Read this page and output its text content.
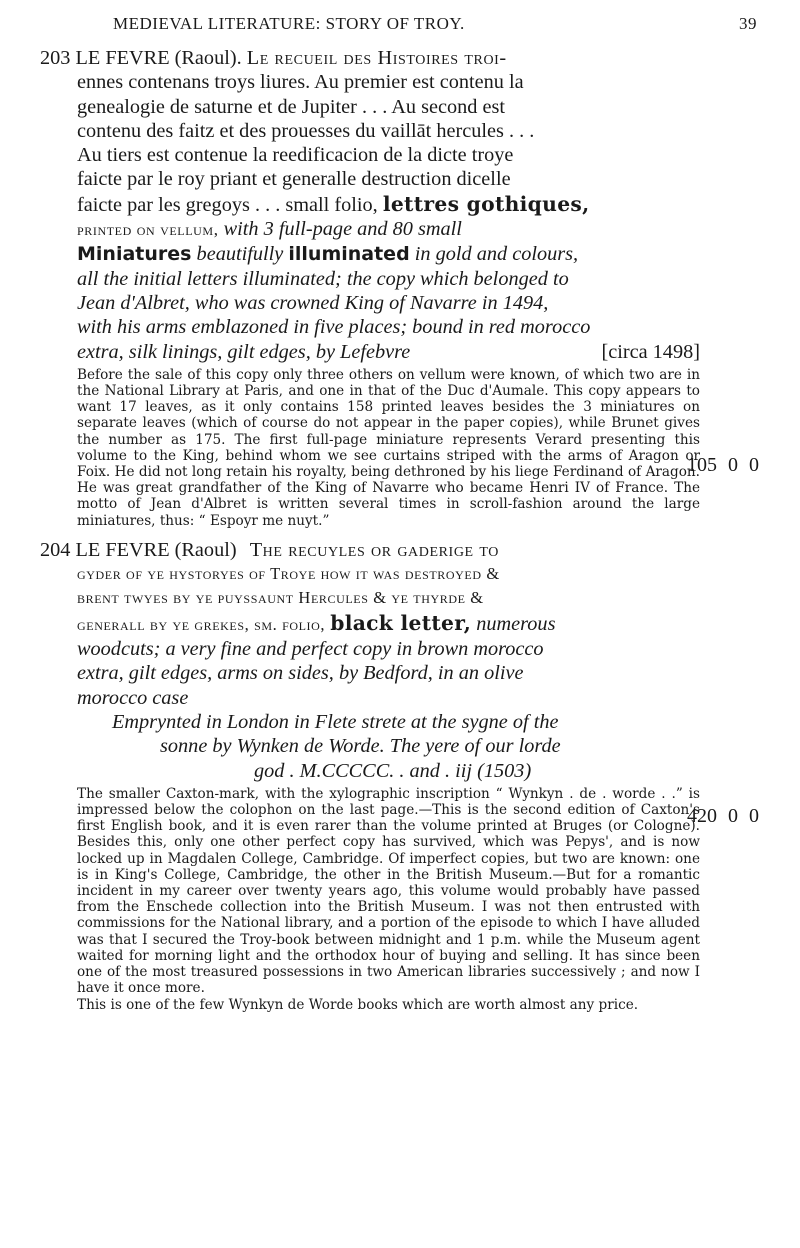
MEDIEVAL LITERATURE: STORY OF TROY.	39
203 LE FEVRE (Raoul). Le recueil des Histoires troi-
ennes contenans troys liures. Au premier est contenu la
genealogie de saturne et de Jupiter . . . Au second est
contenu des faitz et des prouesses du vaillāt hercules . . .
Au tiers est contenue la reedificacion de la dicte troye
faicte par le roy priant et generalle destruction dicelle
faicte par les gregoys . . . small folio, lettres gothiques,
printed on vellum, with 3 full-page and 80 small
Miniatures beautifully illuminated in gold and colours,
all the initial letters illuminated; the copy which belonged to
Jean d'Albret, who was crowned King of Navarre in 1494,
with his arms emblazoned in five places; bound in red morocco
extra, silk linings, gilt edges, by Lefebvre	[circa 1498]
105 0 0

Before the sale of this copy only three others on vellum were known, of which two are in the National Library at Paris, and one in that of the Duc d'Aumale. This copy appears to want 17 leaves, as it only contains 158 printed leaves besides the 3 miniatures on separate leaves (which of course do not appear in the paper copies), while Brunet gives the number as 175. The first full-page miniature represents Verard presenting this volume to the King, behind whom we see curtains striped with the arms of Aragon or Foix. He did not long retain his royalty, being dethroned by his liege Ferdinand of Aragon. He was great grandfather of the King of Navarre who became Henri IV of France. The motto of Jean d'Albret is written several times in scroll-fashion around the large miniatures, thus: “ Espoyr me nuyt.”

204 LE FEVRE (Raoul) The recuyles or gaderige to
gyder of ye hystoryes of Troye how it was destroyed &
brent twyes by ye puyssaunt Hercules & ye thyrde &
generall by ye grekes, sm. folio, black letter, numerous
woodcuts; a very fine and perfect copy in brown morocco
extra, gilt edges, arms on sides, by Bedford, in an olive
morocco case
Emprynted in London in Flete strete at the sygne of the
sonne by Wynken de Worde. The yere of our lorde
god . M.CCCCC. . and . iij (1503)
420 0 0

The smaller Caxton-mark, with the xylographic inscription “ Wynkyn . de . worde . .” is impressed below the colophon on the last page.—This is the second edition of Caxton's first English book, and it is even rarer than the volume printed at Bruges (or Cologne). Besides this, only one other perfect copy has survived, which was Pepys', and is now locked up in Magdalen College, Cambridge. Of imperfect copies, but two are known: one is in King's College, Cambridge, the other in the British Museum.—But for a romantic incident in my career over twenty years ago, this volume would probably have passed from the Enschede collection into the British Museum. I was not then entrusted with commissions for the National library, and a portion of the episode to which I have alluded was that I secured the Troy-book between midnight and 1 p.m. while the Museum agent waited for morning light and the orthodox hour of buying and selling. It has since been one of the most treasured possessions in two American libraries successively ; and now I have it once more.

This is one of the few Wynkyn de Worde books which are worth almost any price.
